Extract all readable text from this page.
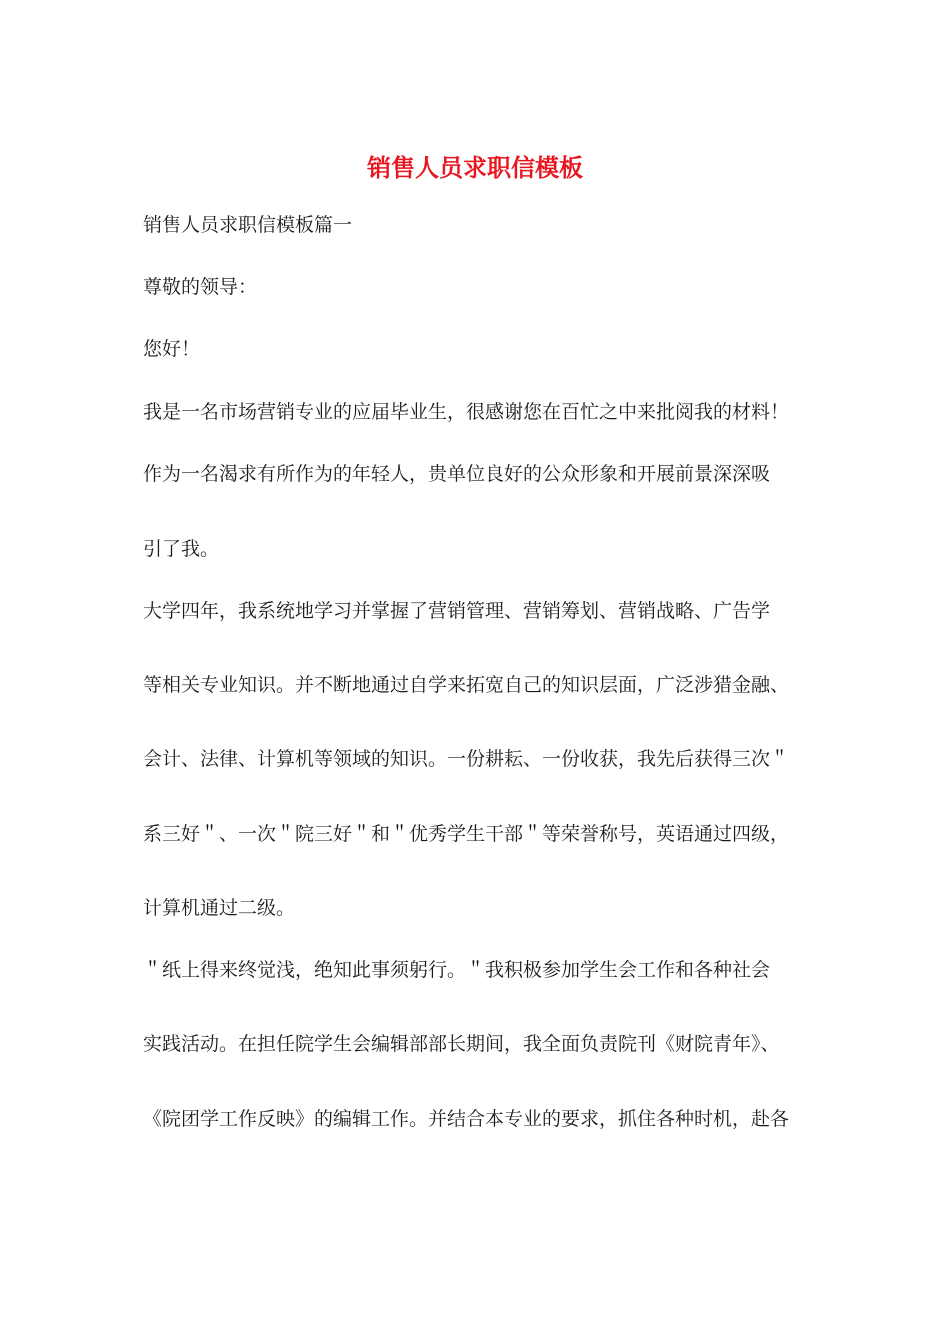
销售人员求职信模板

销售人员求职信模板篇一

尊敬的领导：

您好！

我是一名市场营销专业的应届毕业生，很感谢您在百忙之中来批阅我的材料！

作为一名渴求有所作为的年轻人，贵单位良好的公众形象和开展前景深深吸

引了我。

大学四年，我系统地学习并掌握了营销管理、营销筹划、营销战略、广告学

等相关专业知识。并不断地通过自学来拓宽自己的知识层面，广泛涉猎金融、

会计、法律、计算机等领域的知识。一份耕耘、一份收获，我先后获得三次＂

系三好＂、一次＂院三好＂和＂优秀学生干部＂等荣誉称号，英语通过四级，

计算机通过二级。

＂纸上得来终觉浅，绝知此事须躬行。＂我积极参加学生会工作和各种社会

实践活动。在担任院学生会编辑部部长期间，我全面负责院刊《财院青年》、

《院团学工作反映》的编辑工作。并结合本专业的要求，抓住各种时机，赴各
